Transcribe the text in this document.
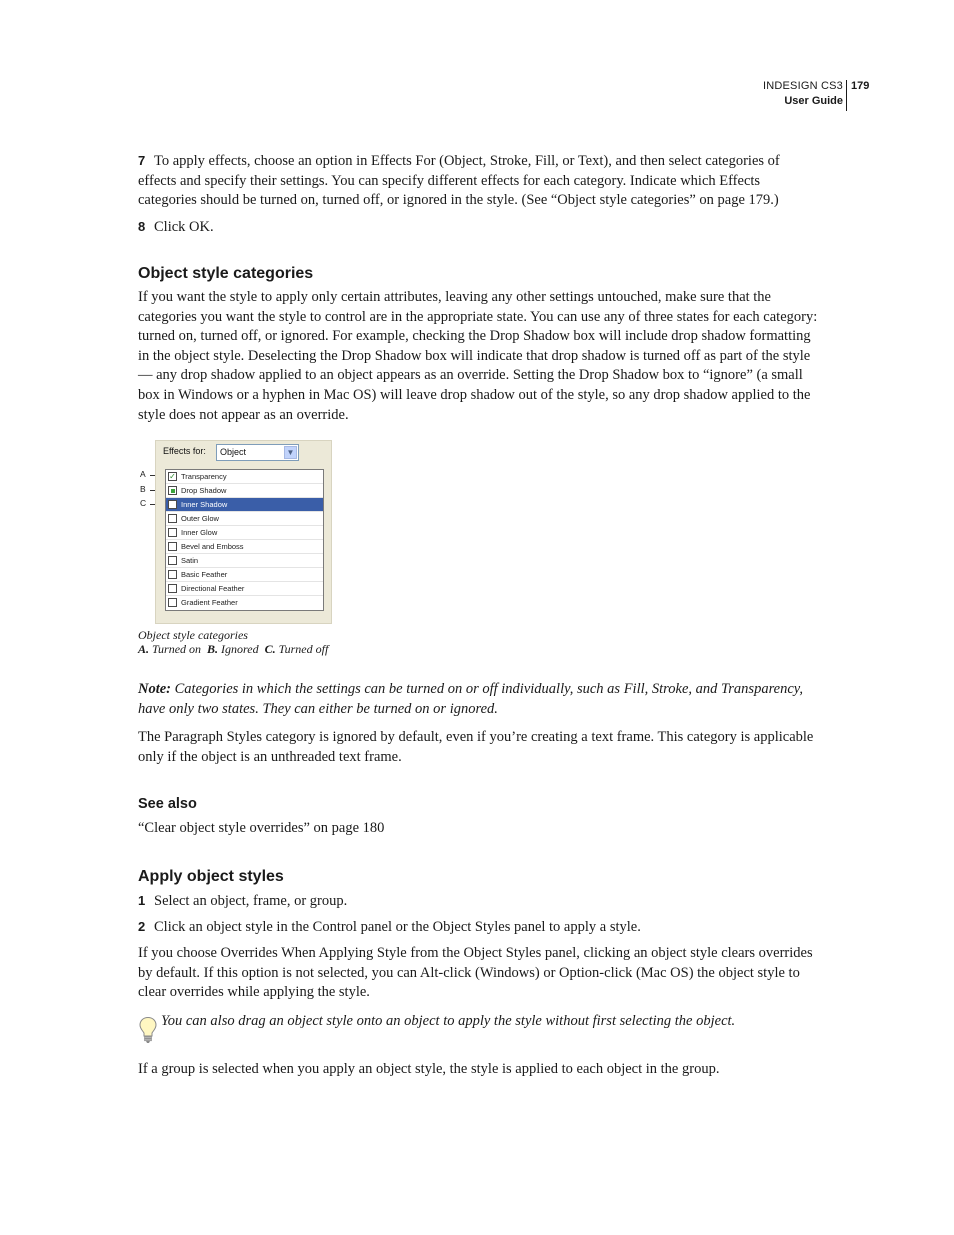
INDESIGN CS3
User Guide
179

7 To apply effects, choose an option in Effects For (Object, Stroke, Fill, or Text), and then select categories of effects and specify their settings. You can specify different effects for each category. Indicate which Effects categories should be turned on, turned off, or ignored in the style. (See “Object style categories” on page 179.)

8 Click OK.

Object style categories

If you want the style to apply only certain attributes, leaving any other settings untouched, make sure that the categories you want the style to control are in the appropriate state. You can use any of three states for each category: turned on, turned off, or ignored. For example, checking the Drop Shadow box will include drop shadow formatting in the object style. Deselecting the Drop Shadow box will indicate that drop shadow is turned off as part of the style — any drop shadow applied to an object appears as an override. Setting the Drop Shadow box to “ignore” (a small box in Windows or a hyphen in Mac OS) will leave drop shadow out of the style, so any drop shadow applied to the style does not appear as an override.

A
B
C
Effects for: Object	▼
✓ Transparency
Drop Shadow
Inner Shadow
Outer Glow
Inner Glow
Bevel and Emboss
Satin
Basic Feather
Directional Feather
Gradient Feather

Object style categories

A. Turned on B. Ignored C. Turned off

Note: Categories in which the settings can be turned on or off individually, such as Fill, Stroke, and Transparency, have only two states. They can either be turned on or ignored.

The Paragraph Styles category is ignored by default, even if you’re creating a text frame. This category is applicable only if the object is an unthreaded text frame.

See also

“Clear object style overrides” on page 180

Apply object styles

1 Select an object, frame, or group.

2 Click an object style in the Control panel or the Object Styles panel to apply a style.

If you choose Overrides When Applying Style from the Object Styles panel, clicking an object style clears overrides by default. If this option is not selected, you can Alt-click (Windows) or Option-click (Mac OS) the object style to clear overrides while applying the style.

You can also drag an object style onto an object to apply the style without first selecting the object.

If a group is selected when you apply an object style, the style is applied to each object in the group.
